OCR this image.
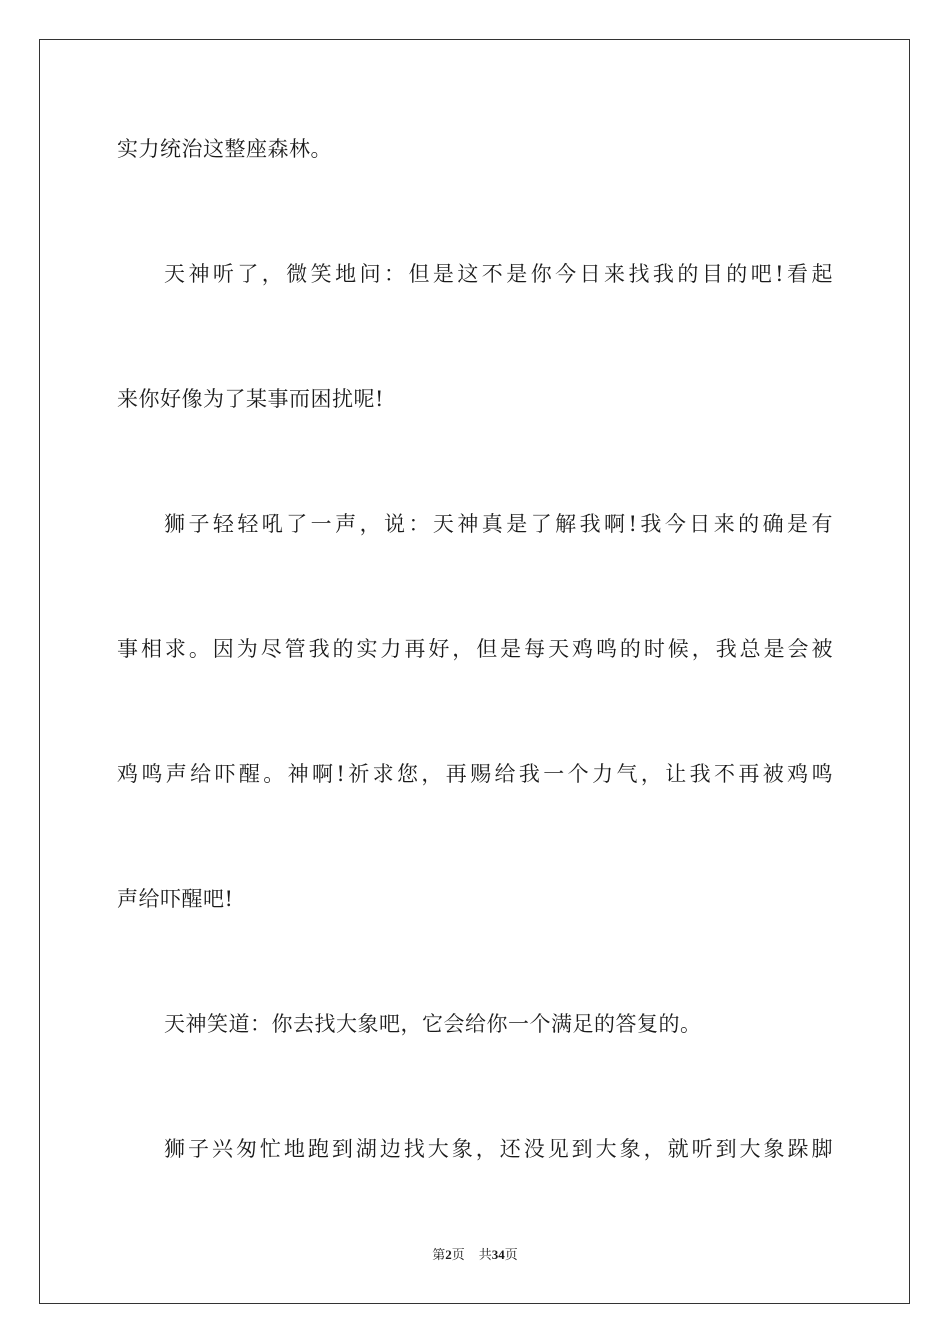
实力统治这整座森林。
天神听了，微笑地问：但是这不是你今日来找我的目的吧!看起
来你好像为了某事而困扰呢!
狮子轻轻吼了一声，说：天神真是了解我啊!我今日来的确是有
事相求。因为尽管我的实力再好，但是每天鸡鸣的时候，我总是会被
鸡鸣声给吓醒。神啊!祈求您，再赐给我一个力气，让我不再被鸡鸣
声给吓醒吧!
天神笑道：你去找大象吧，它会给你一个满足的答复的。
狮子兴匆忙地跑到湖边找大象，还没见到大象，就听到大象跺脚
第2页 共34页
